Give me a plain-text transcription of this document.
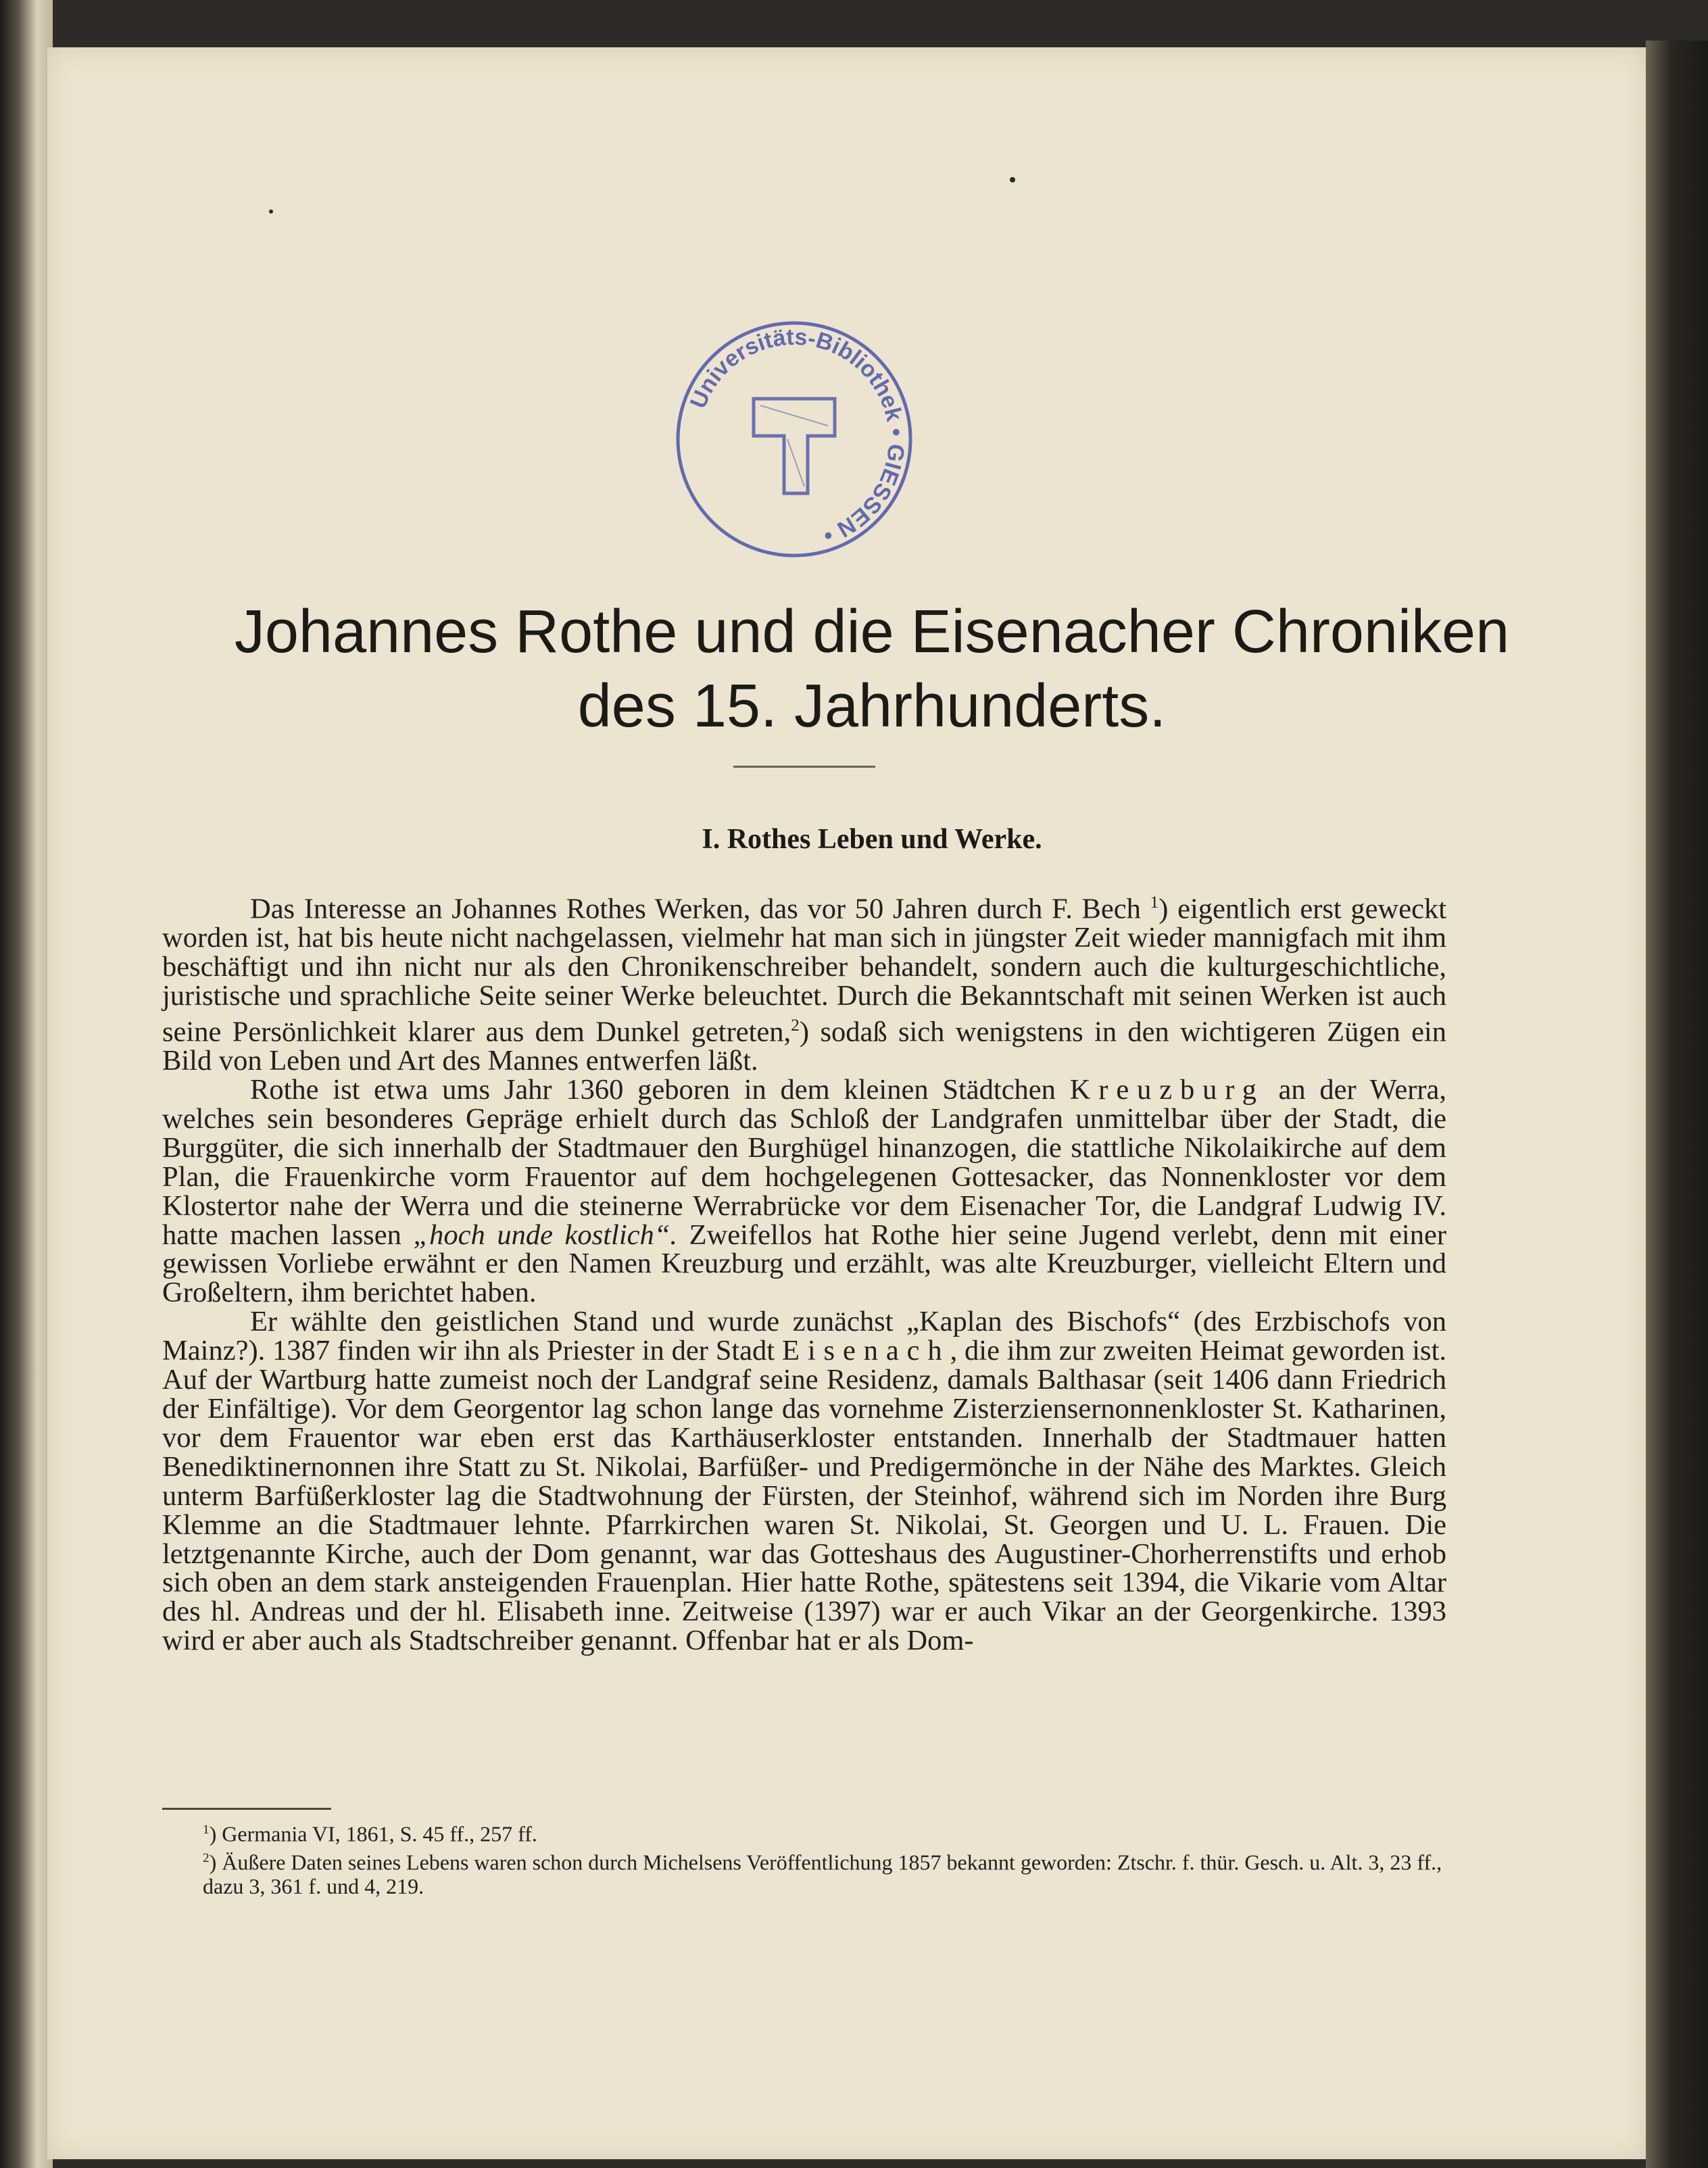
Universitäts-Bibliothek • GIESSEN •
Johannes Rothe und die Eisenacher Chroniken
des 15. Jahrhunderts.
I. Rothes Leben und Werke.

Das Interesse an Johannes Rothes Werken, das vor 50 Jahren durch F. Bech $^1$) eigentlich erst geweckt worden ist, hat bis heute nicht nachgelassen, vielmehr hat man sich in jüngster Zeit wieder mannigfach mit ihm beschäftigt und ihn nicht nur als den Chronikenschreiber behandelt, sondern auch die kulturgeschichtliche, juristische und sprachliche Seite seiner Werke beleuchtet. Durch die Bekanntschaft mit seinen Werken ist auch seine Persönlichkeit klarer aus dem Dunkel getreten,$^2$) sodaß sich wenigstens in den wichtigeren Zügen ein Bild von Leben und Art des Mannes entwerfen läßt.

Rothe ist etwa ums Jahr 1360 geboren in dem kleinen Städtchen Kreuzburg an der Werra, welches sein besonderes Gepräge erhielt durch das Schloß der Landgrafen unmittelbar über der Stadt, die Burggüter, die sich innerhalb der Stadtmauer den Burghügel hinanzogen, die stattliche Nikolaikirche auf dem Plan, die Frauenkirche vorm Frauentor auf dem hochgelegenen Gottesacker, das Nonnenkloster vor dem Klostertor nahe der Werra und die steinerne Werrabrücke vor dem Eisenacher Tor, die Landgraf Ludwig IV. hatte machen lassen „hoch unde kostlich“. Zweifellos hat Rothe hier seine Jugend verlebt, denn mit einer gewissen Vorliebe erwähnt er den Namen Kreuzburg und erzählt, was alte Kreuzburger, vielleicht Eltern und Großeltern, ihm berichtet haben.

Er wählte den geistlichen Stand und wurde zunächst „Kaplan des Bischofs“ (des Erzbischofs von Mainz?). 1387 finden wir ihn als Priester in der Stadt Eisenach, die ihm zur zweiten Heimat geworden ist. Auf der Wartburg hatte zumeist noch der Landgraf seine Residenz, damals Balthasar (seit 1406 dann Friedrich der Einfältige). Vor dem Georgentor lag schon lange das vornehme Zisterziensernonnenkloster St. Katharinen, vor dem Frauentor war eben erst das Karthäuserkloster entstanden. Innerhalb der Stadtmauer hatten Benediktinernonnen ihre Statt zu St. Nikolai, Barfüßer- und Predigermönche in der Nähe des Marktes. Gleich unterm Barfüßerkloster lag die Stadtwohnung der Fürsten, der Steinhof, während sich im Norden ihre Burg Klemme an die Stadtmauer lehnte. Pfarrkirchen waren St. Nikolai, St. Georgen und U. L. Frauen. Die letztgenannte Kirche, auch der Dom genannt, war das Gotteshaus des Augustiner-Chorherrenstifts und erhob sich oben an dem stark ansteigenden Frauenplan. Hier hatte Rothe, spätestens seit 1394, die Vikarie vom Altar des hl. Andreas und der hl. Elisabeth inne. Zeitweise (1397) war er auch Vikar an der Georgenkirche. 1393 wird er aber auch als Stadtschreiber genannt. Offenbar hat er als Dom-

$^1$) Germania VI, 1861, S. 45 ff., 257 ff.

$^2$) Äußere Daten seines Lebens waren schon durch Michelsens Veröffentlichung 1857 bekannt geworden: Ztschr. f. thür. Gesch. u. Alt. 3, 23 ff., dazu 3, 361 f. und 4, 219.
